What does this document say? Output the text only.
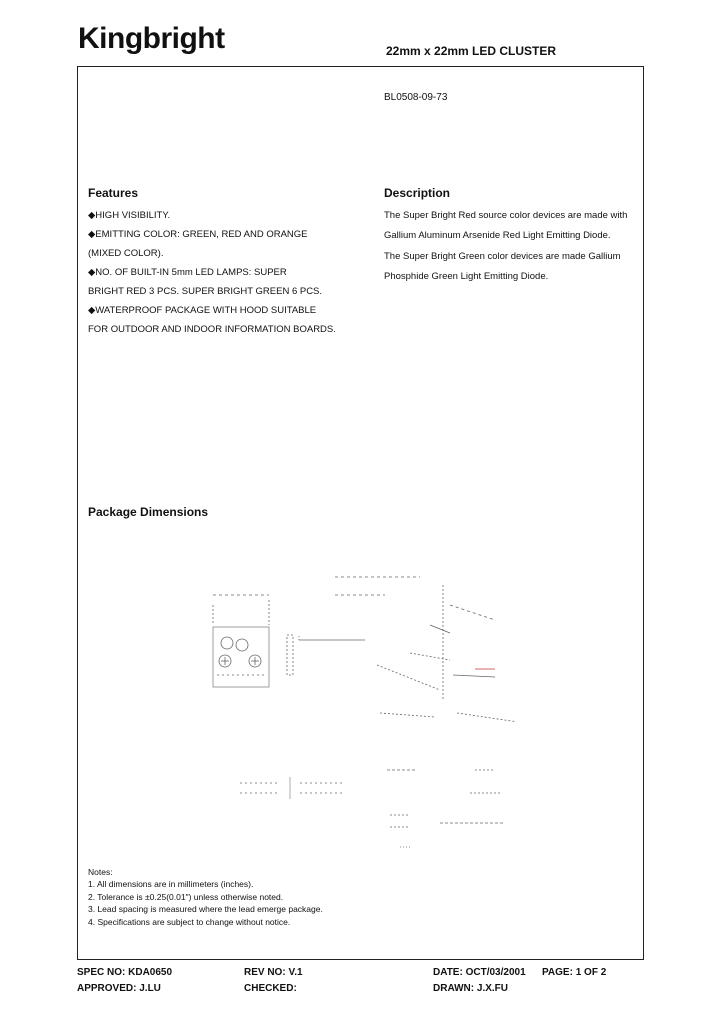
Kingbright	22mm x 22mm LED CLUSTER
BL0508-09-73
Features
◆HIGH VISIBILITY.
◆EMITTING COLOR: GREEN, RED AND ORANGE
(MIXED COLOR).
◆NO. OF BUILT-IN 5mm LED LAMPS: SUPER
BRIGHT RED 3 PCS. SUPER BRIGHT GREEN 6 PCS.
◆WATERPROOF PACKAGE WITH HOOD SUITABLE
FOR OUTDOOR AND INDOOR INFORMATION BOARDS.
Description
The Super Bright Red source color devices are made with
Gallium Aluminum Arsenide Red Light Emitting Diode.
The Super Bright Green color devices are made Gallium
Phosphide Green Light Emitting Diode.
Package Dimensions
Notes:
1. All dimensions are in millimeters (inches).
2. Tolerance is ±0.25(0.01") unless otherwise noted.
3. Lead spacing is measured where the lead emerge package.
4. Specifications are subject to change without notice.
SPEC NO: KDA0650	REV NO: V.1	DATE: OCT/03/2001 PAGE: 1 OF 2
APPROVED: J.LU	CHECKED:	DRAWN: J.X.FU
